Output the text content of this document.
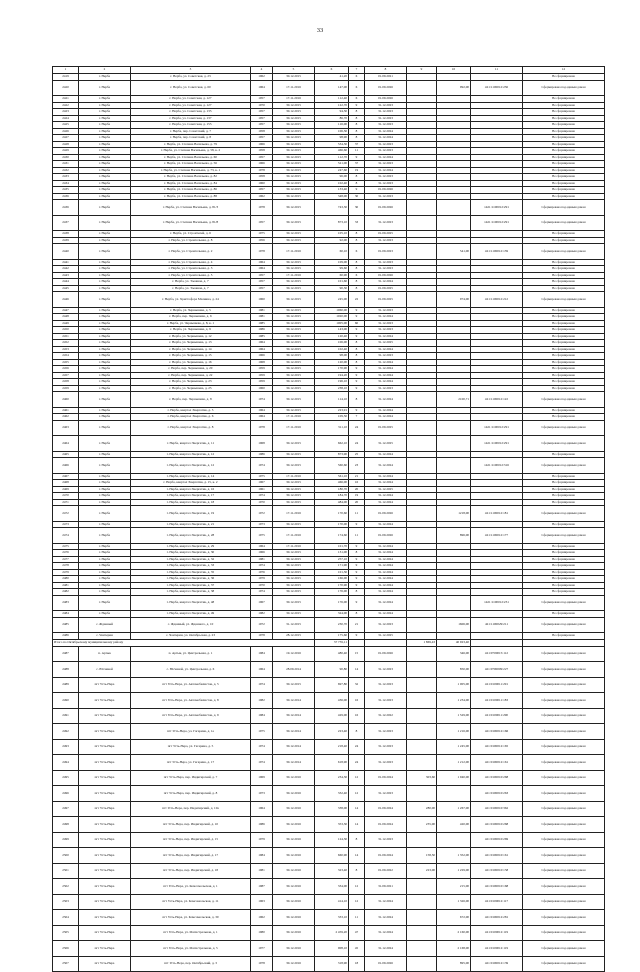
33
1	2	3	4	5	6	7	8	9	10	11	12
2419	г. Нерба	г. Нерба, ул. Советская, д. 23	1962	30.12.2015	41,20	6	01.09.2021				Не сформирована
2420	г. Нерба	г. Нерба, ул. Советская, д. 60	1964	17.11.2016	147,00	6	01.09.2026		992,00	421:1100012:236	Сформирована под единым домом
2421	г. Нерба	г. Нерба, ул. Советская, д. 127	1957	17.11.2016	112,40	6	01.09.2026				Не сформирована
2422	г. Нерба	г. Нерба, ул. Советская, д. 127	1970	30.12.2015	122,70	9	31.12.2023				Не сформирована
2423	г. Нерба	г. Нерба, ул. Советская, д. 135	1957	30.12.2015	94,30	8	31.12.2023				Не сформирована
2424	г. Нерба	г. Нерба, ул. Советская, д. 137	1957	30.12.2015	86,70	8	31.12.2023				Не сформирована
2425	г. Нерба	г. Нерба, ул. Советская, д. 155	1957	30.12.2015	116,00	8	31.12.2023				Не сформирована
2426	г. Нерба	г. Нерба, пер. Советский, д. 7	1958	30.12.2015	106,30	8	31.12.2024				Не сформирована
2427	г. Нерба	г. Нерба, пер. Советский, д. 8	1957	30.12.2015	98,90	8	31.12.2024				Не сформирована
2428	г. Нерба	г. Нерба, ул. Степана Васильева, д. 79	1966	30.12.2015	534,30	37	31.12.2023				Не сформирована
2429	г. Нерба	г. Нерба, ул. Степана Васильева, д. 58, к. 2	1958	30.12.2015	466,60	11	31.12.2023				Не сформирована
2430	г. Нерба	г. Нерба, ул. Степана Васильева, д. 60	1957	30.12.2015	112,70	9	31.12.2024				Не сформирована
2431	г. Нерба	г. Нерба, ул. Степана Васильева, д. 56	1966	30.12.2015	521,00	37	31.12.2023				Не сформирована
2432	г. Нерба	г. Нерба, ул. Степана Васильева, д. 73, к. 1	1978	30.12.2015	247,60	19	31.12.2024				Не сформирована
2433	г. Нерба	г. Нерба, ул. Степана Васильева, д. 82	1958	30.12.2015	96,00	8	31.12.2023				Не сформирована
2434	г. Нерба	г. Нерба, ул. Степана Васильева, д. 84	1960	30.12.2015	102,40	8	31.12.2023				Не сформирована
2435	г. Нерба	г. Нерба, ул. Степана Васильева, д. 86	1957	30.12.2015	133,40	9	01.09.2026				Не сформирована
2436	г. Нерба	г. Нерба, ул. Степана Васильева, д. 88	1962	30.12.2015	348,00	30	31.12.2023				Не сформирована
2436	г. Нерба	г. Нерба, ул. Степана Васильева, д. 81/3	1978	30.12.2015	743,30	30	01.09.2026			1421:1100012:291	Сформирована под единым домом
2437	г. Нерба	г. Нерба, ул. Степана Васильева, д. 81/8	1957	30.12.2015	873,10	33	31.12.2023			1421:1100012:291	Сформирована под единым домом
2438	г. Нерба	г. Нерба, ул. Строителей, д. 6	1975	30.12.2015	105,10	8	01.09.2025				Не сформирована
2439	г. Нерба	г. Нерба, ул. Строительная, д. 8	1956	30.12.2015	92,00	8	31.12.2023				Не сформирована
2440	г. Нерба	г. Нерба, ул. Строительная, д. 2	1978	17.11.2016	60,10	6	01.09.2023		541,00	421:1100012:139	Сформирована под единым домом
2441	г. Нерба	г. Нерба, ул. Строительная, д. 4	1964	30.12.2015	109,00	8	31.12.2023				Не сформирована
2442	г. Нерба	г. Нерба, ул. Строительная, д. 3	1964	30.12.2015	99,60	8	31.12.2023				Не сформирована
2443	г. Нерба	г. Нерба, ул. Строительная, д. 5	1957	17.11.2016	60,90	6	01.09.2026				Не сформирована
2444	г. Нерба	г. Нерба, ул. Таежная, д. 7	1957	30.12.2015	101,60	8	31.12.2024				Не сформирована
2445	г. Нерба	г. Нерба, ул. Таежная, д. 7	1957	30.12.2015	90,30	8	01.09.2025				Не сформирована
2446	г. Нерба	г. Нерба, ул. Христофора Малкина, д. 24	1960	30.12.2015	245,00	22	01.09.2025		974,00	421:1100012:212	Сформирована под единым домом
2447	г. Нерба	г. Нерба, ул. Чернышева, д. 5	1981	30.12.2015	1060,00	9	31.12.2023				Не сформирована
2448	г. Нерба	г. Нерба, пер. Чернышева, д. 6	1981	30.12.2015	1020,00	9	31.12.2024				Не сформирована
2449	г. Нерба	г. Нерба, ул. Чернышева, д. 8, к. 1	1985	30.12.2015	1005,00	60	31.12.2023				Не сформирована
2450	г. Нерба	г. Нерба, ул. Чернышева, д. 9	1986	30.12.2015	143,00	9	31.12.2023				Не сформирована
2451	г. Нерба	г. Нерба, ул. Чернышева, д. 12	1985	30.12.2015	120,40	9	31.12.2024				Не сформирована
2452	г. Нерба	г. Нерба, ул. Чернышева, д. 13	1964	30.12.2015	106,00	8	31.12.2025				Не сформирована
2453	г. Нерба	г. Нерба, ул. Чернышева, д. 14	1964	30.12.2015	102,40	8	31.12.2024				Не сформирована
2454	г. Нерба	г. Нерба, ул. Чернышева, д. 15	1966	30.12.2015	98,00	8	31.12.2023				Не сформирована
2455	г. Нерба	г. Нерба, ул. Чернышева, д. 16	1968	30.12.2015	120,00	8	31.12.2024				Не сформирована
2456	г. Нерба	г. Нерба, пер. Чернышева, д. 20	1959	30.12.2015	170,90	9	31.12.2024				Не сформирована
2457	г. Нерба	г. Нерба, пер. Чернышева, д. 22	1959	30.12.2015	194,20	9	31.12.2024				Не сформирована
2458	г. Нерба	г. Нерба, ул. Чернышева, д. 23	1959	30.12.2015	196,10	9	31.12.2024				Не сформирована
2459	г. Нерба	г. Нерба, ул. Чернышева, д. 25	1960	30.12.2015	238,10	9	31.12.2023				Не сформирована
2460	г. Нерба	г. Нерба, пер. Чернышева, д. 8	1974	30.12.2015	114,10	8	31.12.2024		2100,71	421:1100012:122	Сформирована под единым домом
2461	г. Нерба	г. Нерба, квартал Энергетик, д. 5	1964	30.12.2015	223,91	9	31.12.2024				Не сформирована
2462	г. Нерба	г. Нерба, квартал Энергетик, д. 6	1964	17.11.2016	109,50	7	31.12.2024				Не сформирована
2463	г. Нерба	г. Нерба, квартал Энергетик, д. 8	1978	17.11.2016	311,10	24	01.09.2025			1421:1100012:291	Сформирована под единым домом
2464	г. Нерба	г. Нерба, квартал Энергетик, д. 11	1968	30.12.2015	662,10	24	31.12.2025			1421:1100012:291	Сформирована под единым домом
2465	г. Нерба	г. Нерба, квартал Энергетик, д. 12	1986	30.12.2015	873,90	25	31.12.2024				Не сформирована
2466	г. Нерба	г. Нерба, квартал Энергетик, д. 12	1974	30.12.2015	560,60	23	31.12.2024			1421:1100012:316	Сформирована под единым домом
2467	г. Нерба	г. Нерба, квартал Энергетик, д. 14	1975	17.11.2016	561,10	21	31.12.2024				Не сформирована
2468	г. Нерба	г. Нерба, квартал Энергетик, д. 15, к. 2	1967	30.12.2015	466,00	16	31.12.2024				Не сформирована
2469	г. Нерба	г. Нерба, квартал Энергетик, д. 16	1961	30.12.2015	180,70	20	31.12.2025				Не сформирована
2470	г. Нерба	г. Нерба, квартал Энергетик, д. 17	1974	30.12.2015	184,70	19	31.12.2024				Не сформирована
2471	г. Нерба	г. Нерба, квартал Энергетик, д. 18	1970	30.12.2015	484,00	20	31.12.2024				Не сформирована
2472	г. Нерба	г. Нерба, квартал Энергетик, д. 19	1972	17.11.2016	170,60	11	01.09.2026		1218,00	421:1100012:181	Сформирована под единым домом
2473	г. Нерба	г. Нерба, квартал Энергетик, д. 21	1973	30.12.2015	170,00	9	31.12.2024				Не сформирована
2474	г. Нерба	г. Нерба, квартал Энергетик, д. 28	1975	17.11.2016	174,60	11	01.09.2026		896,00	421:1100012:177	Сформирована под единым домом
2475	г. Нерба	г. Нерба, квартал Энергетик, д. 29	1964	17.11.2016	101,70	9	31.12.2024				Не сформирована
2476	г. Нерба	г. Нерба, квартал Энергетик, д. 30	1966	30.12.2015	131,00	8	31.12.2024				Не сформирована
2477	г. Нерба	г. Нерба, квартал Энергетик, д. 32	1981	30.12.2015	257,10	9	31.12.2024				Не сформирована
2478	г. Нерба	г. Нерба, квартал Энергетик, д. 33	1974	30.12.2015	171,90	9	31.12.2024				Не сформирована
2479	г. Нерба	г. Нерба, квартал Энергетик, д. 35	1976	30.12.2015	101,30	9	31.12.2024				Не сформирована
2480	г. Нерба	г. Нерба, квартал Энергетик, д. 36	1979	30.12.2015	166,00	9	31.12.2024				Не сформирована
2481	г. Нерба	г. Нерба, квартал Энергетик, д. 37	1970	30.12.2015	170,90	9	31.12.2024				Не сформирована
2482	г. Нерба	г. Нерба, квартал Энергетик, д. 38	1974	30.12.2015	176,00	8	31.12.2024				Не сформирована
2483	г. Нерба	г. Нерба, квартал Энергетик, д. 48	1967	30.12.2015	176,00	9	31.12.2024			1421:1100012:231	Сформирована под единым домом
2484	г. Нерба	г. Нерба, квартал Энергетик, д. 49	1982	30.12.2015	324,00	8	31.12.2024				Не сформирована
2485	с. Жданный	с. Жданный, ул. Жданного, д. 10	1972	31.12.2015	230,70	21	31.12.2023		1606,00	421:1100029:211	Сформирована под единым домом
2486	с. Чантерин	с. Чантерин, ул. Октябрьская, д. 23	1978	28.12.2015	175,60	9	31.12.2025				Не сформирована
Итого по Октябрьскому муниципальному району					37 735,11			1 869,43	40 923,40		
2487	п. Артык	п. Артык, ул. Центральная, д. 1	1984	19.12.2016	480,40	15	01.09.2026		346,00	421:0700015:112	Сформирована под единым домом
2488	с. Юсчиной	с. Юсчиной, ул. Центральная, д. 6	1964	28.09.2014	90,80	14	31.12.2023		850,00	421:0700009:227	Сформирована под единым домом
2489	пгт Усть-Нера	пгт Усть-Нера, ул. Автомобилистов, д. 5	1974	30.12.2015	697,80	32	31.12.2023		1 005,00	421:0100011:291	Сформирована под единым домом
2490	пгт Усть-Нера	пгт Усть-Нера, ул. Автомобилистов, д. 8	1982	30.12.2014	436,00	16	31.12.2023		1 234,00	421:0100011:183	Сформирована под единым домом
2491	пгт Усть-Нера	пгт Усть-Нера, ул. Автомобилистов, д. 9	1984	30.12.2014	429,00	16	31.12.2022		1 529,00	421:0100011:290	Сформирована под единым домом
2492	пгт Усть-Нера	пгт Усть-Нера, ул. Гагарина, д. 1а	1975	30.12.2014	223,40	8	31.12.2023		1 216,00	421:0100012:166	Сформирована под единым домом
2493	пгт Усть-Нера	пгт Усть-Нера, ул. Гагарина, д. 5	1974	30.12.2014	218,40	24	31.12.2023		1 245,00	421:0100012:165	Сформирована под единым домом
2494	пгт Усть-Нера	пгт Усть-Нера, ул. Гагарина, д. 17	1974	30.12.2014	618,90	24	31.12.2023		1 212,00	421:0100012:161	Сформирована под единым домом
2495	пгт Усть-Нера	пгт Усть-Нера, пер. Индигирский, д. 7	1969	30.12.2016	234,30	12	01.09.2024	303,60	1 940,00	421:0100010:268	Сформирована под единым домом
2496	пгт Усть-Нера	пгт Усть-Нера, пер. Индигирский, д. 8	1973	30.12.2016	332,40	12	31.12.2023			421:0100010:263	Сформирована под единым домом
2497	пгт Усть-Нера	пгт Усть-Нера, пер. Индигирский, д. 10а	1964	30.12.2016	338,00	14	01.09.2024	280,00	1 267,00	421:0100010:362	Сформирована под единым домом
2498	пгт Усть-Нера	пгт Усть-Нера, пер. Индигирский, д. 10	1986	30.12.2016	353,30	14	01.09.2024	235,00	420,00	421:0100010:268	Сформирована под единым домом
2499	пгт Усть-Нера	пгт Усть-Нера, пер. Индигирский, д. 15	1979	30.12.2016	124,30	8	31.12.2023			421:0100010:269	Сформирована под единым домом
2500	пгт Усть-Нера	пгт Усть-Нера, пер. Индигирский, д. 17	1984	30.12.2016	660,90	14	01.09.2024	158,50	1 352,00	421:0100010:161	Сформирована под единым домом
2501	пгт Усть-Нера	пгт Усть-Нера, пер. Индигирский, д. 18	1981	30.12.2016	323,40	8	01.09.2022	223,00	1 229,00	421:0100010:158	Сформирована под единым домом
2502	пгт Усть-Нера	пгт Усть-Нера, ул. Комсомольская, д. 1	1987	30.12.2016	334,00	12	31.09.2021		215,00	421:0100010:168	Сформирована под единым домом
2503	пгт Усть-Нера	пгт Усть-Нера, ул. Комсомольская, д. 11	1963	30.12.2016	414,10	12	31.12.2024		1 326,00	421:0100012:117	Сформирована под единым домом
2504	пгт Усть-Нера	пгт Усть-Нера, ул. Комсомольская, д. 30	1962	30.12.2016	333,10	11	31.12.2024		672,00	421:0100012:281	Сформирована под единым домом
2505	пгт Усть-Нера	пгт Усть-Нера, ул. Магистральная, д. 1	1980	30.12.2016	2 459,20	47	31.12.2024		2 160,00	421:0100012:119	Сформирована под единым домом
2506	пгт Усть-Нера	пгт Усть-Нера, ул. Магистральная, д. 5	1977	30.12.2016	908,10	45	31.12.2024		2 168,00	421:0100012:119	Сформирована под единым домом
2507	пгт Усть-Нера	пгт Усть-Нера, пер. Октябрьский, д. 3	1978	30.12.2016	318,90	18	01.09.2026		895,00	421:0100012:139	Сформирована под единым домом
